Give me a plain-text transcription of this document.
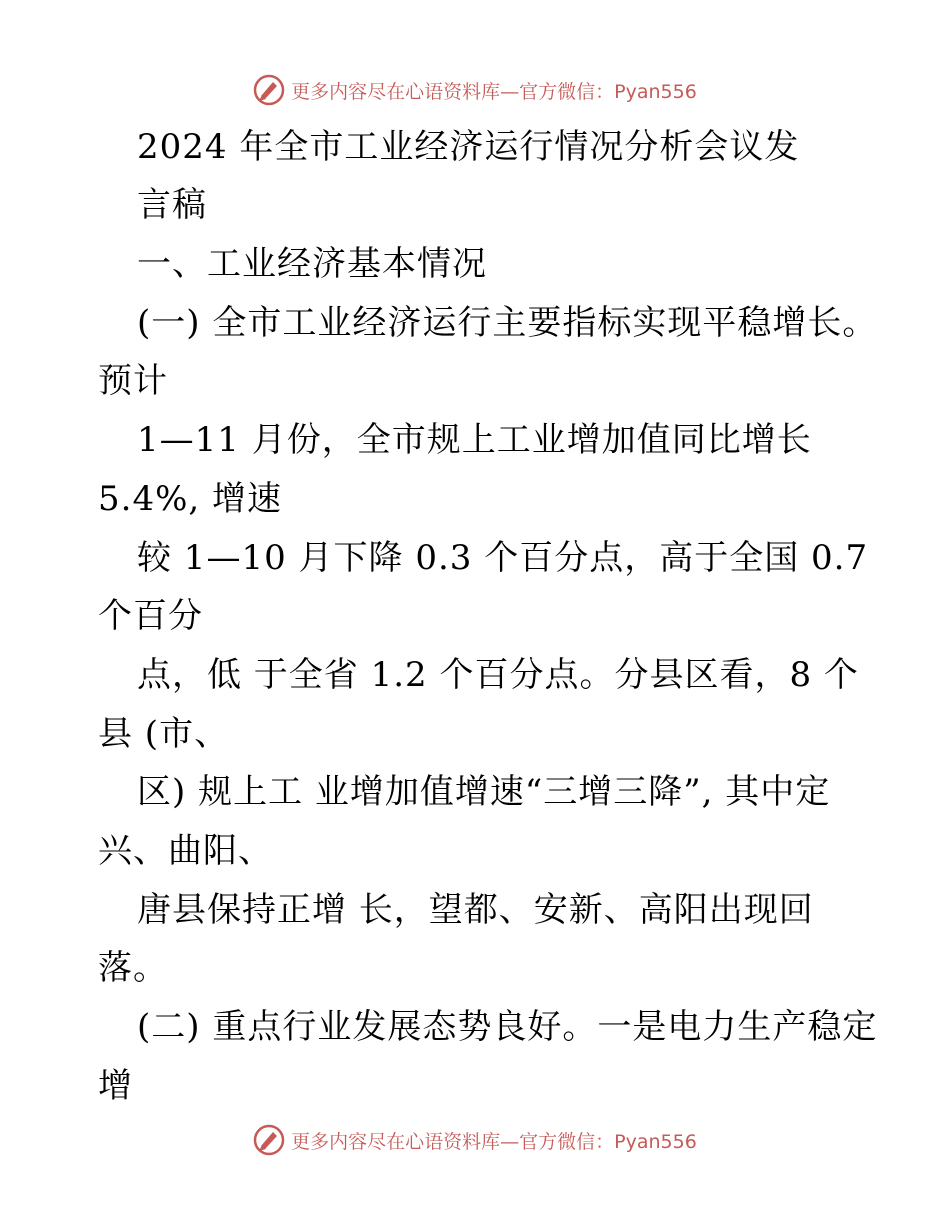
更多内容尽在心语资料库—官方微信：Pyan556
2024 年全市工业经济运行情况分析会议发
言稿
一、工业经济基本情况
(一) 全市工业经济运行主要指标实现平稳增长。
预计
1—11 月份，全市规上工业增加值同比增长
5.4%, 增速
较 1—10 月下降 0.3 个百分点，高于全国 0.7
个百分
点，低 于全省 1.2 个百分点。分县区看，8 个
县 (市、
区) 规上工 业增加值增速“三增三降”, 其中定
兴、曲阳、
唐县保持正增 长，望都、安新、高阳出现回
落。
(二) 重点行业发展态势良好。一是电力生产稳定
增
更多内容尽在心语资料库—官方微信：Pyan556
